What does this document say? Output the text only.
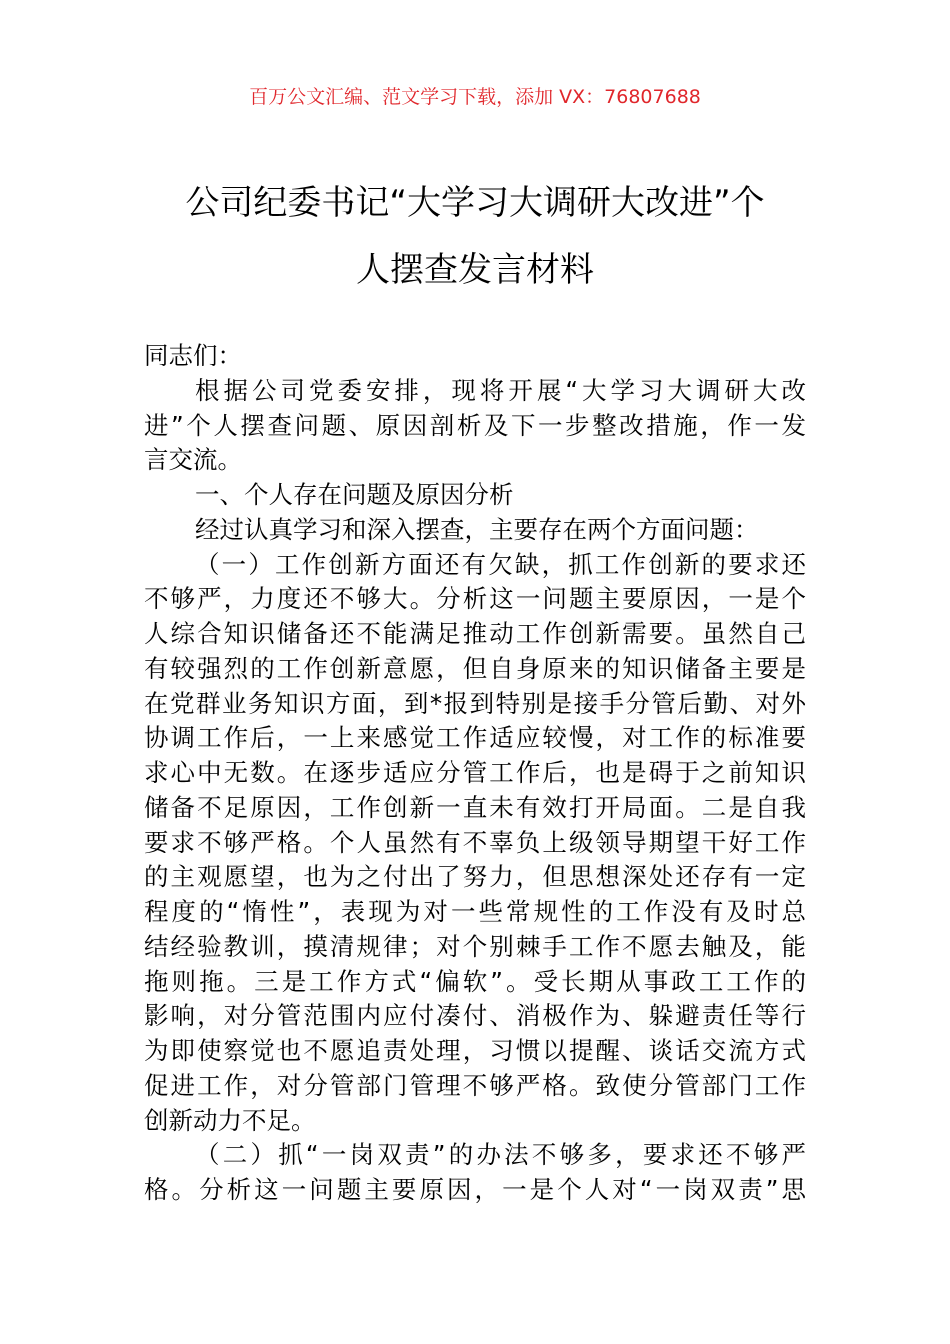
百万公文汇编、范文学习下载，添加 VX：76807688
公司纪委书记“大学习大调研大改进”个
人摆查发言材料
同志们：
根据公司党委安排，现将开展“大学习大调研大改
进”个人摆查问题、原因剖析及下一步整改措施，作一发
言交流。
一、个人存在问题及原因分析
经过认真学习和深入摆查，主要存在两个方面问题：
（一）工作创新方面还有欠缺，抓工作创新的要求还
不够严，力度还不够大。分析这一问题主要原因，一是个
人综合知识储备还不能满足推动工作创新需要。虽然自己
有较强烈的工作创新意愿，但自身原来的知识储备主要是
在党群业务知识方面，到*报到特别是接手分管后勤、对外
协调工作后，一上来感觉工作适应较慢，对工作的标准要
求心中无数。在逐步适应分管工作后，也是碍于之前知识
储备不足原因，工作创新一直未有效打开局面。二是自我
要求不够严格。个人虽然有不辜负上级领导期望干好工作
的主观愿望，也为之付出了努力，但思想深处还存有一定
程度的“惰性”，表现为对一些常规性的工作没有及时总
结经验教训，摸清规律；对个别棘手工作不愿去触及，能
拖则拖。三是工作方式“偏软”。受长期从事政工工作的
影响，对分管范围内应付凑付、消极作为、躲避责任等行
为即使察觉也不愿追责处理，习惯以提醒、谈话交流方式
促进工作，对分管部门管理不够严格。致使分管部门工作
创新动力不足。
（二）抓“一岗双责”的办法不够多，要求还不够严
格。分析这一问题主要原因，一是个人对“一岗双责”思
